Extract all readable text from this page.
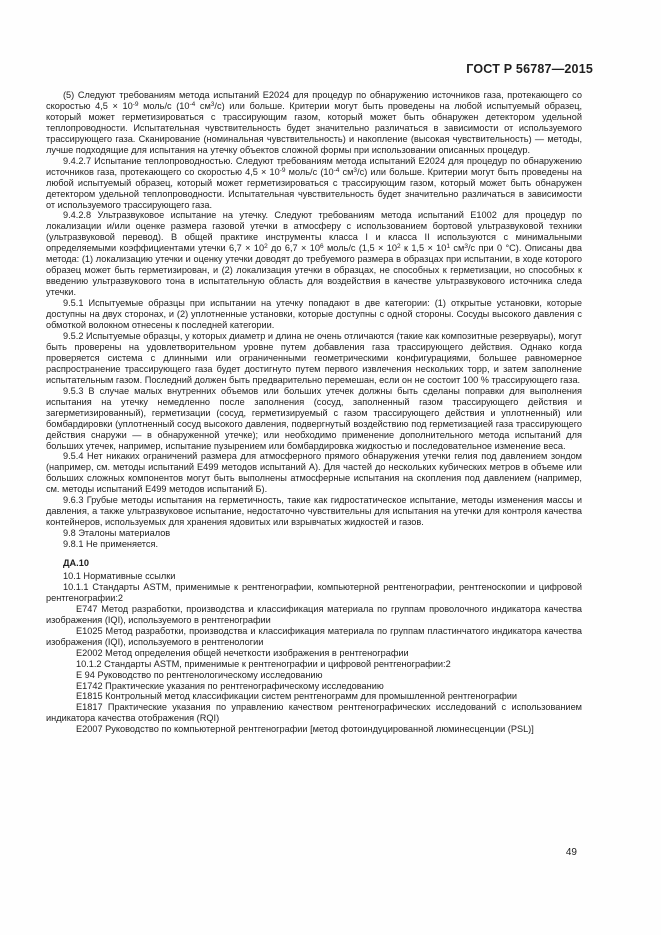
ГОСТ Р 56787—2015

(5) Следуют требованиям метода испытаний Е2024 для процедур по обнаружению источников газа, протекающего со скоростью $4,5 \times 10^{-9}$ моль/с ($10^{-4}$ $см^3/с$) или больше. Критерии могут быть проведены на любой испытуемый образец, который может герметизироваться с трассирующим газом, который может быть обнаружен детектором удельной теплопроводности. Испытательная чувствительность будет значительно различаться в зависимости от используемого трассирующего газа. Сканирование (номинальная чувствительность) и накопление (высокая чувствительность) — методы, лучше подходящие для испытания на утечку объектов сложной формы при использовании описанных процедур.

9.4.2.7 Испытание теплопроводностью. Следуют требованиям метода испытаний Е2024 для процедур по обнаружению источников газа, протекающего со скоростью $4,5 \times 10^{-9}$ моль/с ($10^{-4}$ $см^3/с$) или больше. Критерии могут быть проведены на любой испытуемый образец, который может герметизироваться с трассирующим газом, который может быть обнаружен детектором удельной теплопроводности. Испытательная чувствительность будет значительно различаться в зависимости от используемого трассирующего газа.

9.4.2.8 Ультразвуковое испытание на утечку. Следуют требованиям метода испытаний Е1002 для процедур по локализации и/или оценке размера газовой утечки в атмосферу с использованием бортовой ультразвуковой техники (ультразвуковой перевод). В общей практике инструменты класса I и класса II используются с минимальными определяемыми коэффициентами утечки $6,7 \times 10^2$ до $6,7 \times 10^6$ моль/с ($1,5 \times 10^2$ к $1,5 \times 10^1$ $см^3/с$ при 0 °C). Описаны два метода: (1) локализацию утечки и оценку утечки доводят до требуемого размера в образцах при испытании, в ходе которого образец может быть герметизирован, и (2) локализация утечки в образцах, не способных к герметизации, но способных к введению ультразвукового тона в испытательную область для воздействия в качестве ультразвукового источника следа утечки.

9.5.1 Испытуемые образцы при испытании на утечку попадают в две категории: (1) открытые установки, которые доступны на двух сторонах, и (2) уплотненные установки, которые доступны с одной стороны. Сосуды высокого давления с обмоткой волокном отнесены к последней категории.

9.5.2 Испытуемые образцы, у которых диаметр и длина не очень отличаются (такие как композитные резервуары), могут быть проверены на удовлетворительном уровне путем добавления газа трассирующего действия. Однако когда проверяется система с длинными или ограниченными геометрическими конфигурациями, большее равномерное распространение трассирующего газа будет достигнуто путем первого извлечения нескольких торр, и затем заполнение испытательным газом. Последний должен быть предварительно перемешан, если он не состоит 100 % трассирующего газа.

9.5.3 В случае малых внутренних объемов или больших утечек должны быть сделаны поправки для выполнения испытания на утечку немедленно после заполнения (сосуд, заполненный газом трассирующего действия и загерметизированный), герметизации (сосуд, герметизируемый с газом трассирующего действия и уплотненный) или бомбардировки (уплотненный сосуд высокого давления, подвергнутый воздействию под герметизацией газа трассирующего действия снаружи — в обнаруженной утечке); или необходимо применение дополнительного метода испытаний для больших утечек, например, испытание пузырением или бомбардировка жидкостью и последовательное изменение веса.

9.5.4 Нет никаких ограничений размера для атмосферного прямого обнаружения утечки гелия под давлением зондом (например, см. методы испытаний Е499 методов испытаний А). Для частей до нескольких кубических метров в объеме или больших сложных компонентов могут быть выполнены атмосферные испытания на скопления под давлением (например, см. методы испытаний Е499 методов испытаний Б).

9.6.3 Грубые методы испытания на герметичность, такие как гидростатическое испытание, методы изменения массы и давления, а также ультразвуковое испытание, недостаточно чувствительны для испытания на утечки для контроля качества контейнеров, используемых для хранения ядовитых или взрывчатых жидкостей и газов.

9.8 Эталоны материалов

9.8.1 Не применяется.

ДА.10

10.1 Нормативные ссылки

10.1.1 Стандарты ASTM, применимые к рентгенографии, компьютерной рентгенографии, рентгеноскопии и цифровой рентгенографии:2

Е747 Метод разработки, производства и классификация материала по группам проволочного индикатора качества изображения (IQI), используемого в рентгенографии

Е1025 Метод разработки, производства и классификация материала по группам пластинчатого индикатора качества изображения (IQI), используемого в рентгенологии

Е2002 Метод определения общей нечеткости изображения в рентгенографии

10.1.2 Стандарты ASTM, применимые к рентгенографии и цифровой рентгенографии:2

Е 94 Руководство по рентгенологическому исследованию

Е1742 Практические указания по рентгенографическому исследованию

Е1815 Контрольный метод классификации систем рентгенограмм для промышленной рентгенографии

Е1817 Практические указания по управлению качеством рентгенографических исследований с использованием индикатора качества отображения (RQI)

Е2007 Руководство по компьютерной рентгенографии [метод фотоиндуцированной люминесценции (PSL)]

49
